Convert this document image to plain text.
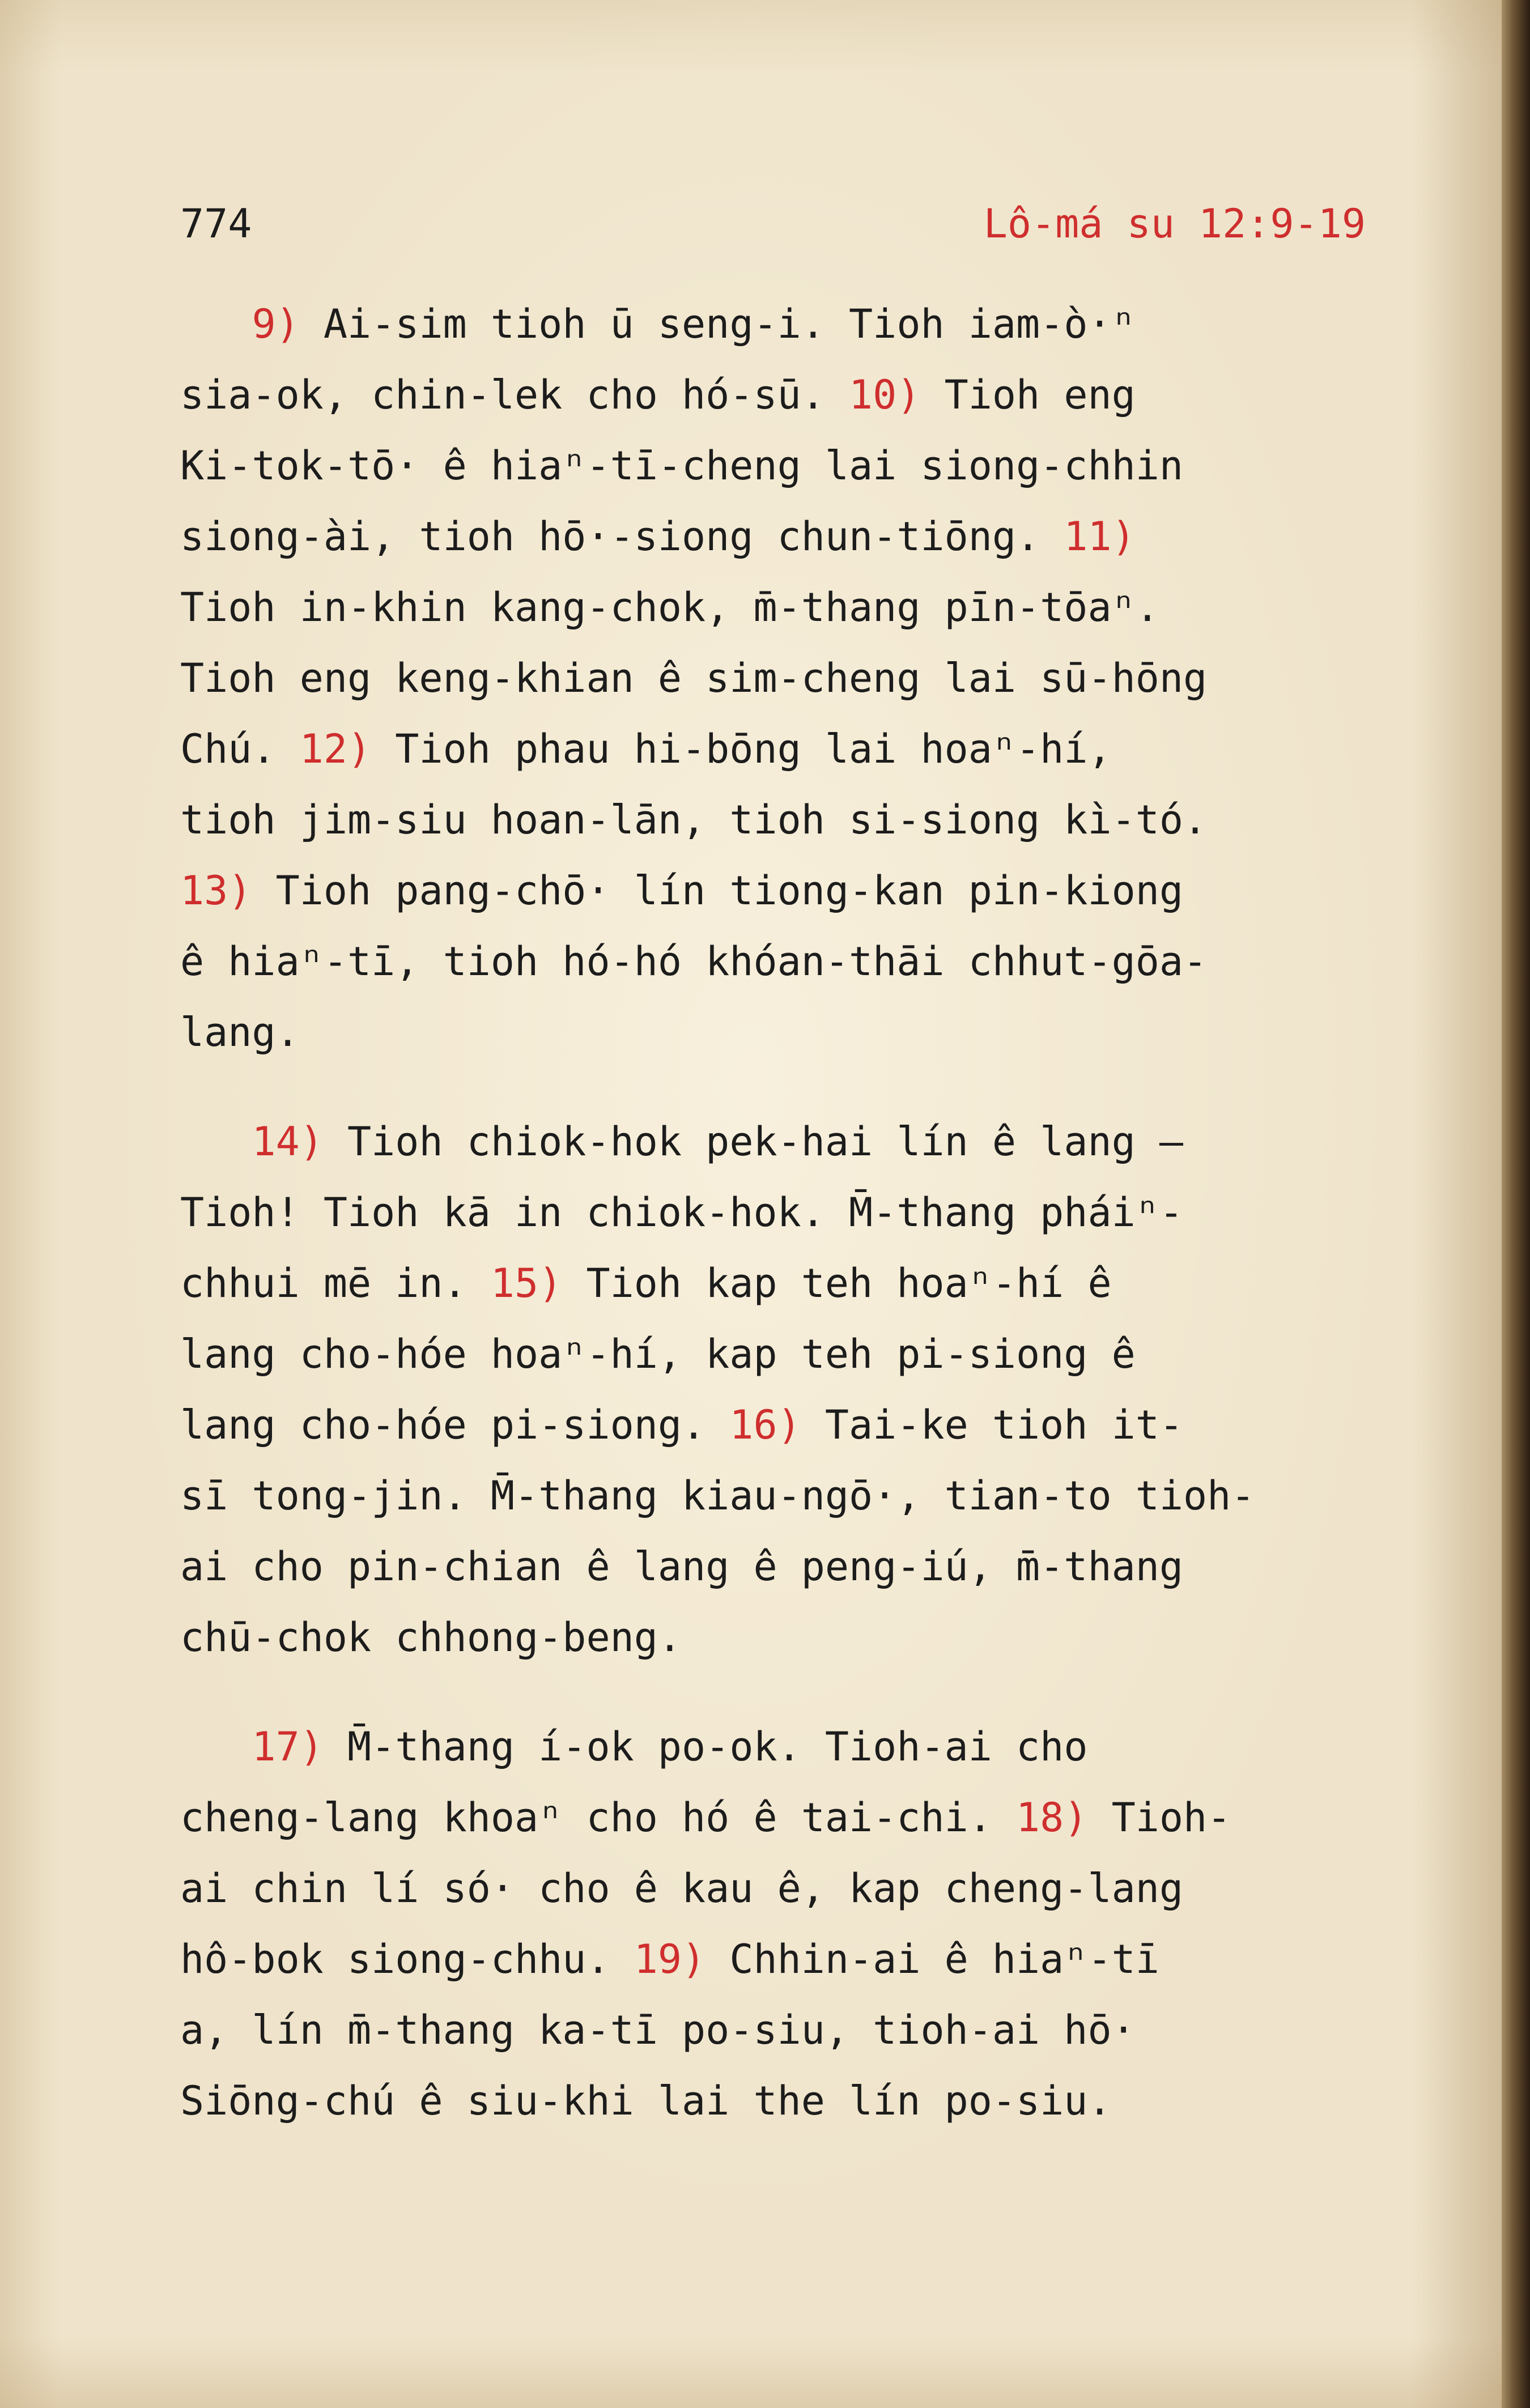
774	Lô-má su 12:9-19
9) Ai-sim tioh ū seng-i. Tioh iam-ò·ⁿ
sia-ok, chin-lek cho hó-sū. 10) Tioh eng
Ki-tok-tō· ê hiaⁿ-tī-cheng lai siong-chhin
siong-ài, tioh hō·-siong chun-tiōng. 11)
Tioh in-khin kang-chok, m̄-thang pīn-tōaⁿ.
Tioh eng keng-khian ê sim-cheng lai sū-hōng
Chú. 12) Tioh phau hi-bōng lai hoaⁿ-hí,
tioh jim-siu hoan-lān, tioh si-siong kì-tó.
13) Tioh pang-chō· lín tiong-kan pin-kiong
ê hiaⁿ-tī, tioh hó-hó khóan-thāi chhut-gōa-
lang.
14) Tioh chiok-hok pek-hai lín ê lang —
Tioh! Tioh kā in chiok-hok. M̄-thang pháiⁿ-
chhui mē in. 15) Tioh kap teh hoaⁿ-hí ê
lang cho-hóe hoaⁿ-hí, kap teh pi-siong ê
lang cho-hóe pi-siong. 16) Tai-ke tioh it-
sī tong-jin. M̄-thang kiau-ngō·, tian-to tioh-
ai cho pin-chian ê lang ê peng-iú, m̄-thang
chū-chok chhong-beng.
17) M̄-thang í-ok po-ok. Tioh-ai cho
cheng-lang khoaⁿ cho hó ê tai-chi. 18) Tioh-
ai chin lí só· cho ê kau ê, kap cheng-lang
hô-bok siong-chhu. 19) Chhin-ai ê hiaⁿ-tī
a, lín m̄-thang ka-tī po-siu, tioh-ai hō·
Siōng-chú ê siu-khi lai the lín po-siu.
